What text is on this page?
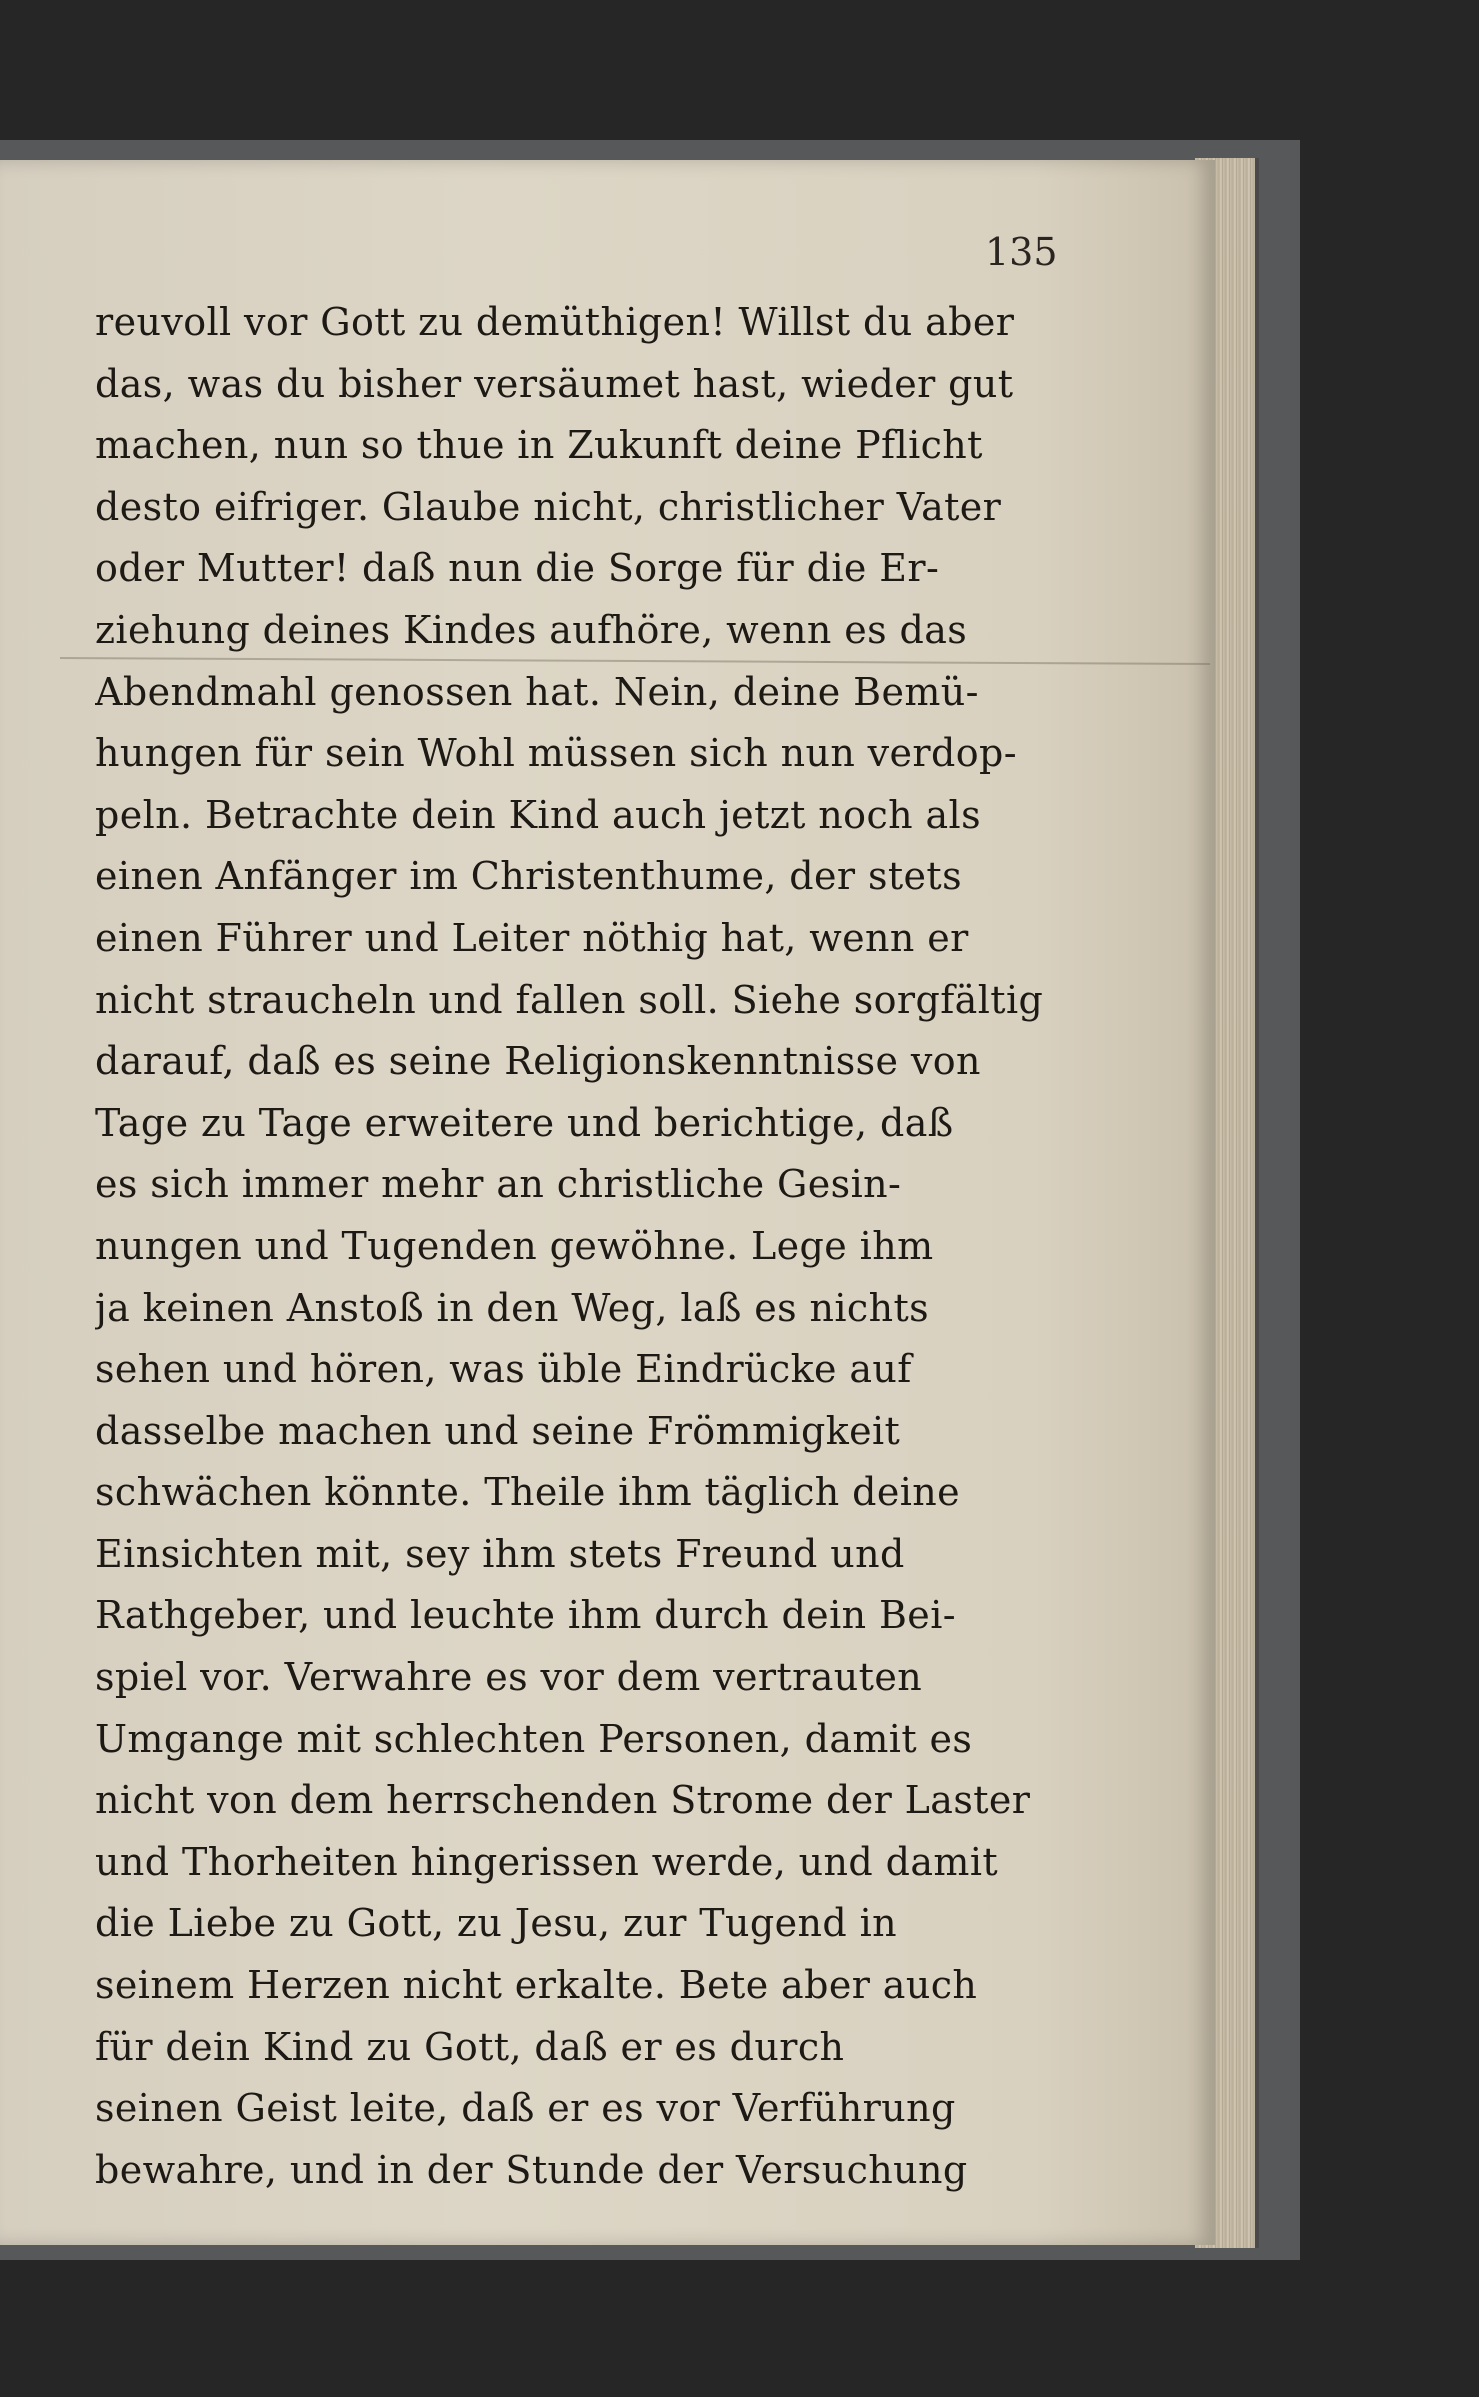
135
reuvoll vor Gott zu demüthigen! Willst du aber
das, was du bisher versäumet hast, wieder gut
machen, nun so thue in Zukunft deine Pflicht
desto eifriger. Glaube nicht, christlicher Vater
oder Mutter! daß nun die Sorge für die Er-
ziehung deines Kindes aufhöre, wenn es das
Abendmahl genossen hat. Nein, deine Bemü-
hungen für sein Wohl müssen sich nun verdop-
peln. Betrachte dein Kind auch jetzt noch als
einen Anfänger im Christenthume, der stets
einen Führer und Leiter nöthig hat, wenn er
nicht straucheln und fallen soll. Siehe sorgfältig
darauf, daß es seine Religionskenntnisse von
Tage zu Tage erweitere und berichtige, daß
es sich immer mehr an christliche Gesin-
nungen und Tugenden gewöhne. Lege ihm
ja keinen Anstoß in den Weg, laß es nichts
sehen und hören, was üble Eindrücke auf
dasselbe machen und seine Frömmigkeit
schwächen könnte. Theile ihm täglich deine
Einsichten mit, sey ihm stets Freund und
Rathgeber, und leuchte ihm durch dein Bei-
spiel vor. Verwahre es vor dem vertrauten
Umgange mit schlechten Personen, damit es
nicht von dem herrschenden Strome der Laster
und Thorheiten hingerissen werde, und damit
die Liebe zu Gott, zu Jesu, zur Tugend in
seinem Herzen nicht erkalte. Bete aber auch
für dein Kind zu Gott, daß er es durch
seinen Geist leite, daß er es vor Verführung
bewahre, und in der Stunde der Versuchung
